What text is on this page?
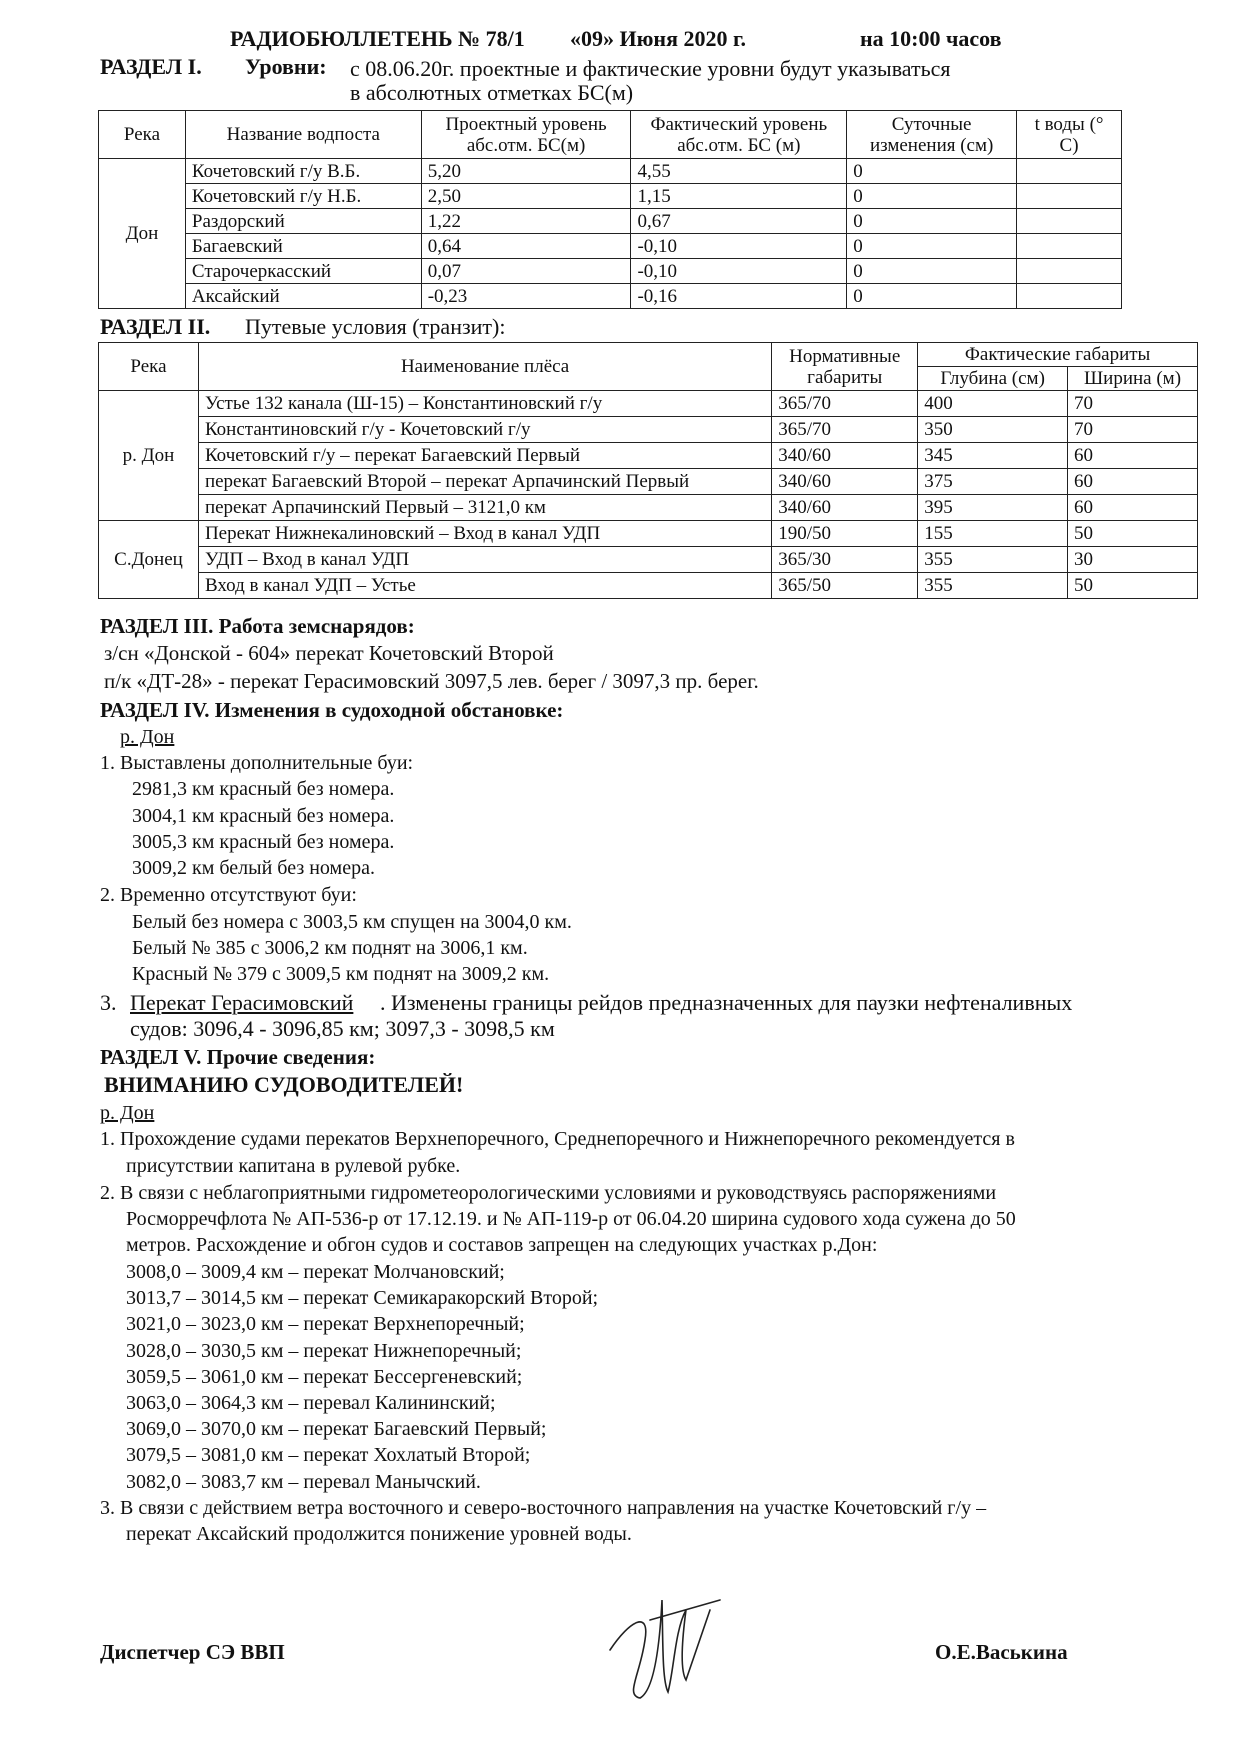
РАДИОБЮЛЛЕТЕНЬ № 78/1 «09» Июня 2020 г.	на 10:00 часов
РАЗДЕЛ I. Уровни: с 08.06.20г. проектные и фактические уровни будут указываться
в абсолютных отметках БС(м)
Река	Название водпоста	Проектный уровень абс.отм. БС(м)	Фактический уровень абс.отм. БС (м)	Суточные изменения (см)	t воды (° С)
Дон	Кочетовский г/у В.Б.	5,20	4,55	0	
	Кочетовский г/у Н.Б.	2,50	1,15	0	
	Раздорский	1,22	0,67	0	
	Багаевский	0,64	-0,10	0	
	Старочеркасский	0,07	-0,10	0	
	Аксайский	-0,23	-0,16	0	
РАЗДЕЛ II. Путевые условия (транзит):
Река	Наименование плёса	Нормативные габариты	Фактические габариты	
			Глубина (см)	Ширина (м)
р. Дон	Устье 132 канала (Ш-15) – Константиновский г/у	365/70	400	70
	Константиновский г/у - Кочетовский г/у	365/70	350	70
	Кочетовский г/у – перекат Багаевский Первый	340/60	345	60
	перекат Багаевский Второй – перекат Арпачинский Первый	340/60	375	60
	перекат Арпачинский Первый – 3121,0 км	340/60	395	60
С.Донец	Перекат Нижнекалиновский – Вход в канал УДП	190/50	155	50
	УДП – Вход в канал УДП	365/30	355	30
	Вход в канал УДП – Устье	365/50	355	50
РАЗДЕЛ III. Работа земснарядов:
з/сн «Донской - 604» перекат Кочетовский Второй
п/к «ДТ-28» - перекат Герасимовский 3097,5 лев. берег / 3097,3 пр. берег.
РАЗДЕЛ IV. Изменения в судоходной обстановке:
р. Дон
1. Выставлены дополнительные буи:
2981,3 км красный без номера.
3004,1 км красный без номера.
3005,3 км красный без номера.
3009,2 км белый без номера.
2. Временно отсутствуют буи:
Белый без номера с 3003,5 км спущен на 3004,0 км.
Белый № 385 с 3006,2 км поднят на 3006,1 км.
Красный № 379 с 3009,5 км поднят на 3009,2 км.
3. Перекат Герасимовский . Изменены границы рейдов предназначенных для паузки нефтеналивных
судов: 3096,4 - 3096,85 км; 3097,3 - 3098,5 км
РАЗДЕЛ V. Прочие сведения:
ВНИМАНИЮ СУДОВОДИТЕЛЕЙ!
р. Дон
1. Прохождение судами перекатов Верхнепоречного, Среднепоречного и Нижнепоречного рекомендуется в
присутствии капитана в рулевой рубке.
2. В связи с неблагоприятными гидрометеорологическими условиями и руководствуясь распоряжениями
Росморречфлота № АП-536-р от 17.12.19. и № АП-119-р от 06.04.20 ширина судового хода сужена до 50
метров. Расхождение и обгон судов и составов запрещен на следующих участках р.Дон:
3008,0 – 3009,4 км – перекат Молчановский;
3013,7 – 3014,5 км – перекат Семикаракорский Второй;
3021,0 – 3023,0 км – перекат Верхнепоречный;
3028,0 – 3030,5 км – перекат Нижнепоречный;
3059,5 – 3061,0 км – перекат Бессергеневский;
3063,0 – 3064,3 км – перевал Калининский;
3069,0 – 3070,0 км – перекат Багаевский Первый;
3079,5 – 3081,0 км – перекат Хохлатый Второй;
3082,0 – 3083,7 км – перевал Манычский.
3. В связи с действием ветра восточного и северо-восточного направления на участке Кочетовский г/у –
перекат Аксайский продолжится понижение уровней воды.
Диспетчер СЭ ВВП	О.Е.Васькина
